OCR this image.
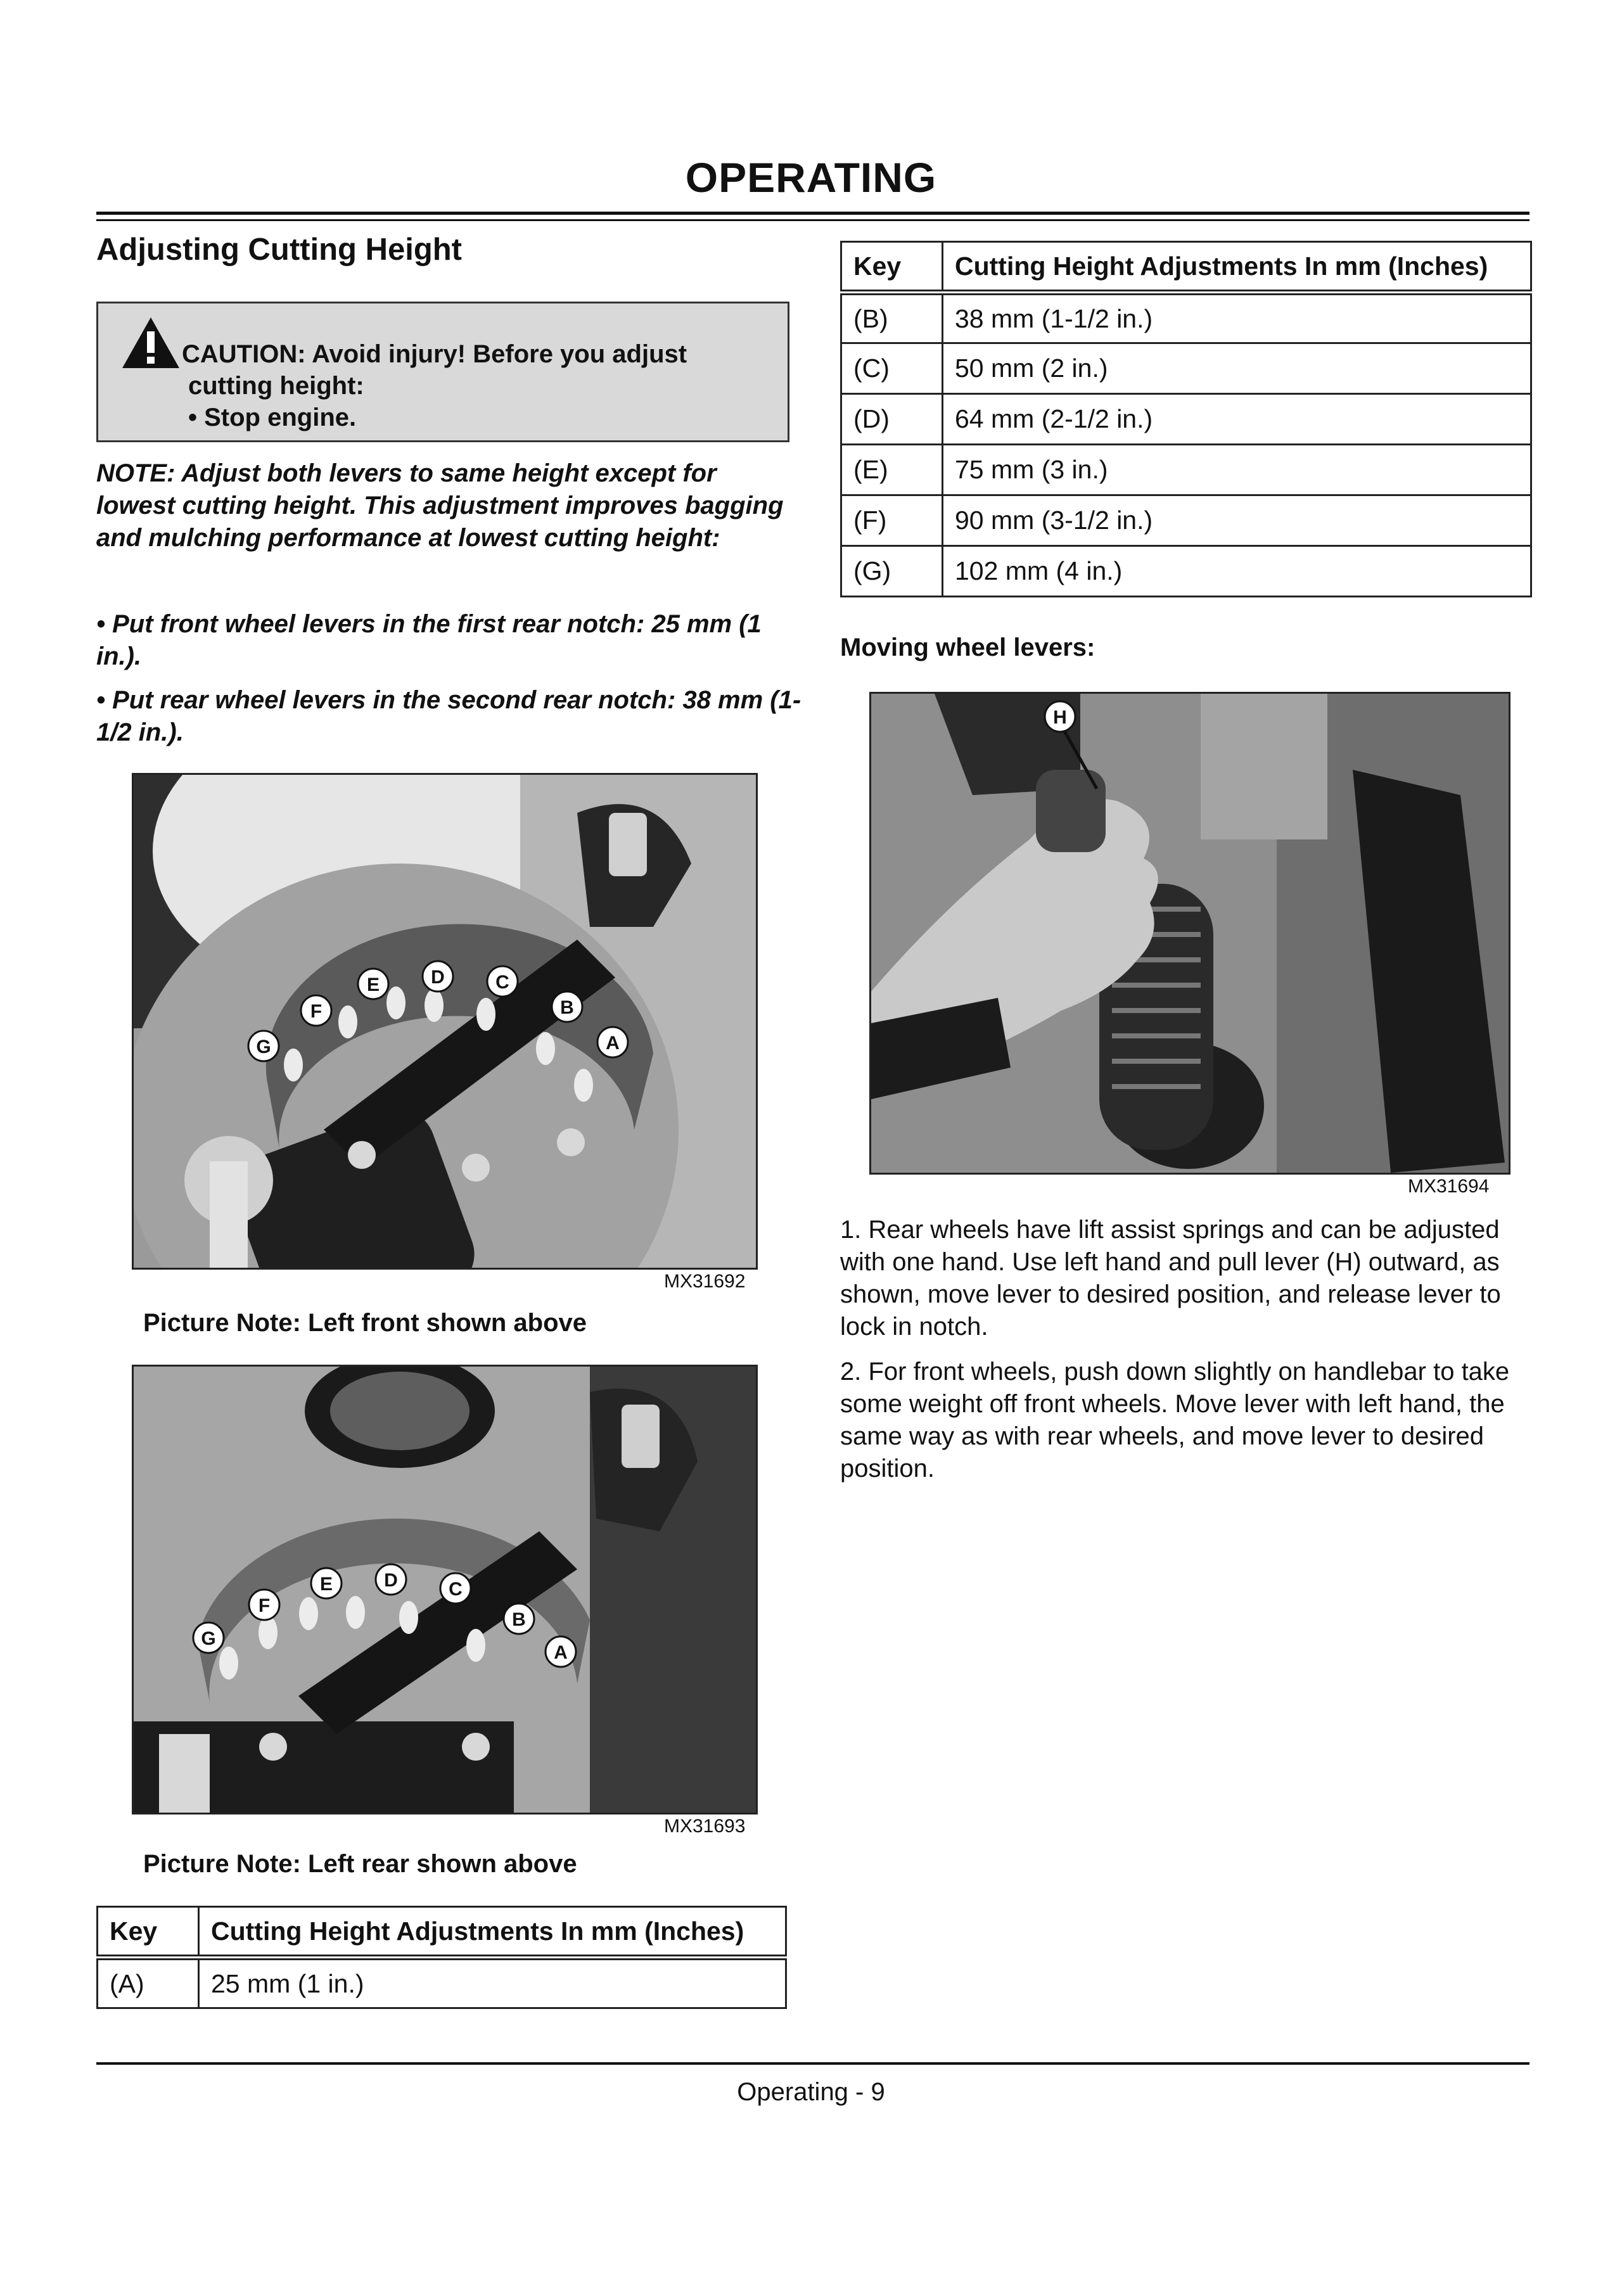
OPERATING
Adjusting Cutting Height
CAUTION: Avoid injury! Before you adjust
cutting height:
• Stop engine.
NOTE: Adjust both levers to same height except for lowest cutting height. This adjustment improves bagging and mulching performance at lowest cutting height:
• Put front wheel levers in the first rear notch: 25 mm (1 in.).
• Put rear wheel levers in the second rear notch: 38 mm (1-1/2 in.).
G
F
E	D	C
B
A
MX31692
Picture Note: Left front shown above
G
F
E	D	C
B
A
MX31693
Picture Note: Left rear shown above
Key	Cutting Height Adjustments In mm (Inches)
(A)	25 mm (1 in.)
Key	Cutting Height Adjustments In mm (Inches)
(B)	38 mm (1-1/2 in.)
(C)	50 mm (2 in.)
(D)	64 mm (2-1/2 in.)
(E)	75 mm (3 in.)
(F)	90 mm (3-1/2 in.)
(G)	102 mm (4 in.)
Moving wheel levers:
H
MX31694
1. Rear wheels have lift assist springs and can be adjusted with one hand. Use left hand and pull lever (H) outward, as shown, move lever to desired position, and release lever to lock in notch.
2. For front wheels, push down slightly on handlebar to take some weight off front wheels. Move lever with left hand, the same way as with rear wheels, and move lever to desired position.
Operating - 9
